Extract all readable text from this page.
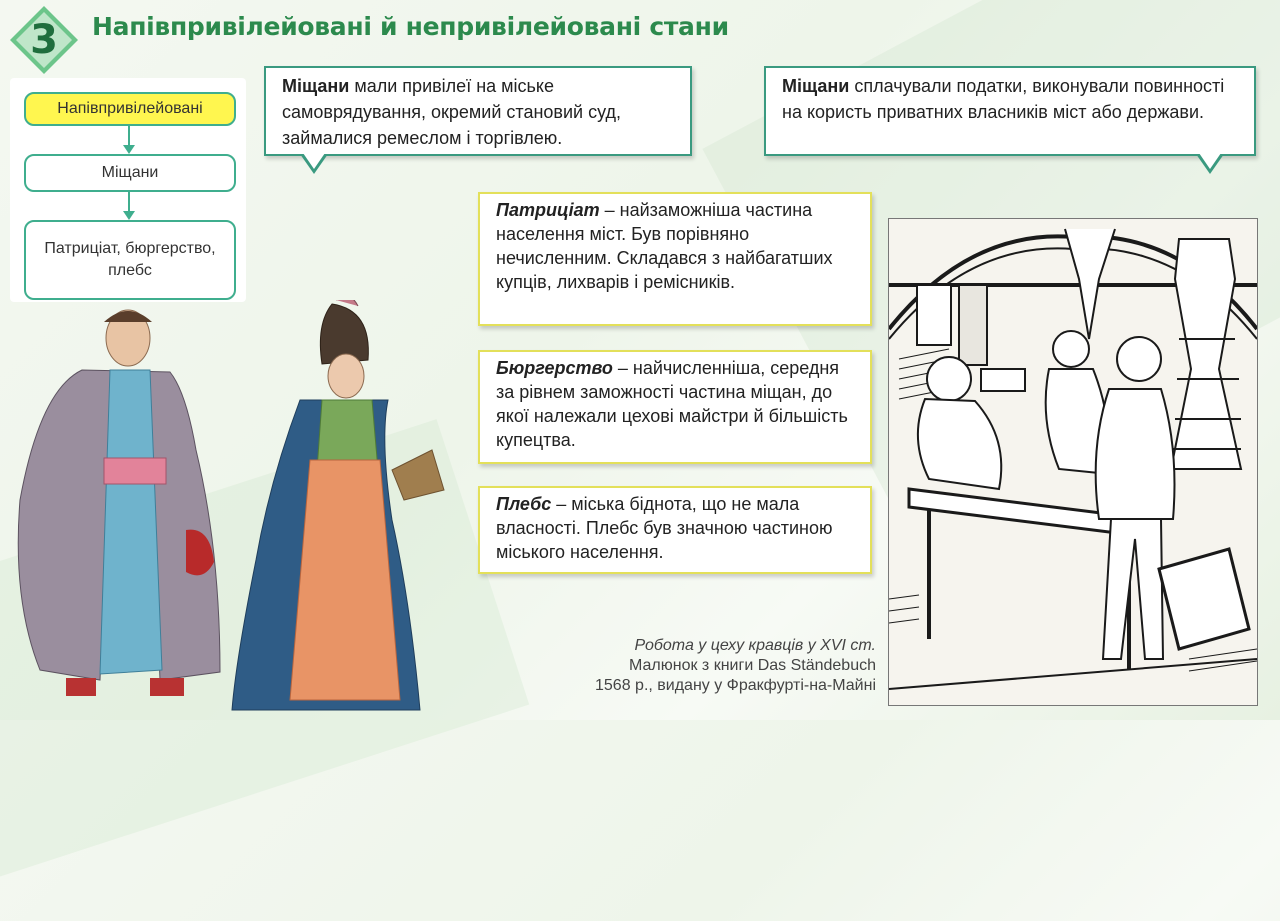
3	Напівпривілейовані й непривілейовані стани
Напівпривілейовані
Міщани
Патриціат, бюргерство, плебс
Міщани мали привілеї на міське самоврядування, окремий становий суд, займалися ремеслом і торгівлею.
Міщани сплачували податки, виконували повинності на користь приватних власників міст або держави.
Патриціат – найзаможніша частина населення міст. Був порівняно нечисленним. Складався з найбагатших купців, лихварів і ремісників.
Бюргерство – найчисленніша, середня за рівнем заможності частина міщан, до якої належали цехові майстри й більшість купецтва.
Плебс – міська біднота, що не мала власності. Плебс був значною частиною міського населення.
Робота у цеху кравців у XVI ст.
Малюнок з книги Das Ständebuch
1568 р., видану у Фракфурті-на-Майні
